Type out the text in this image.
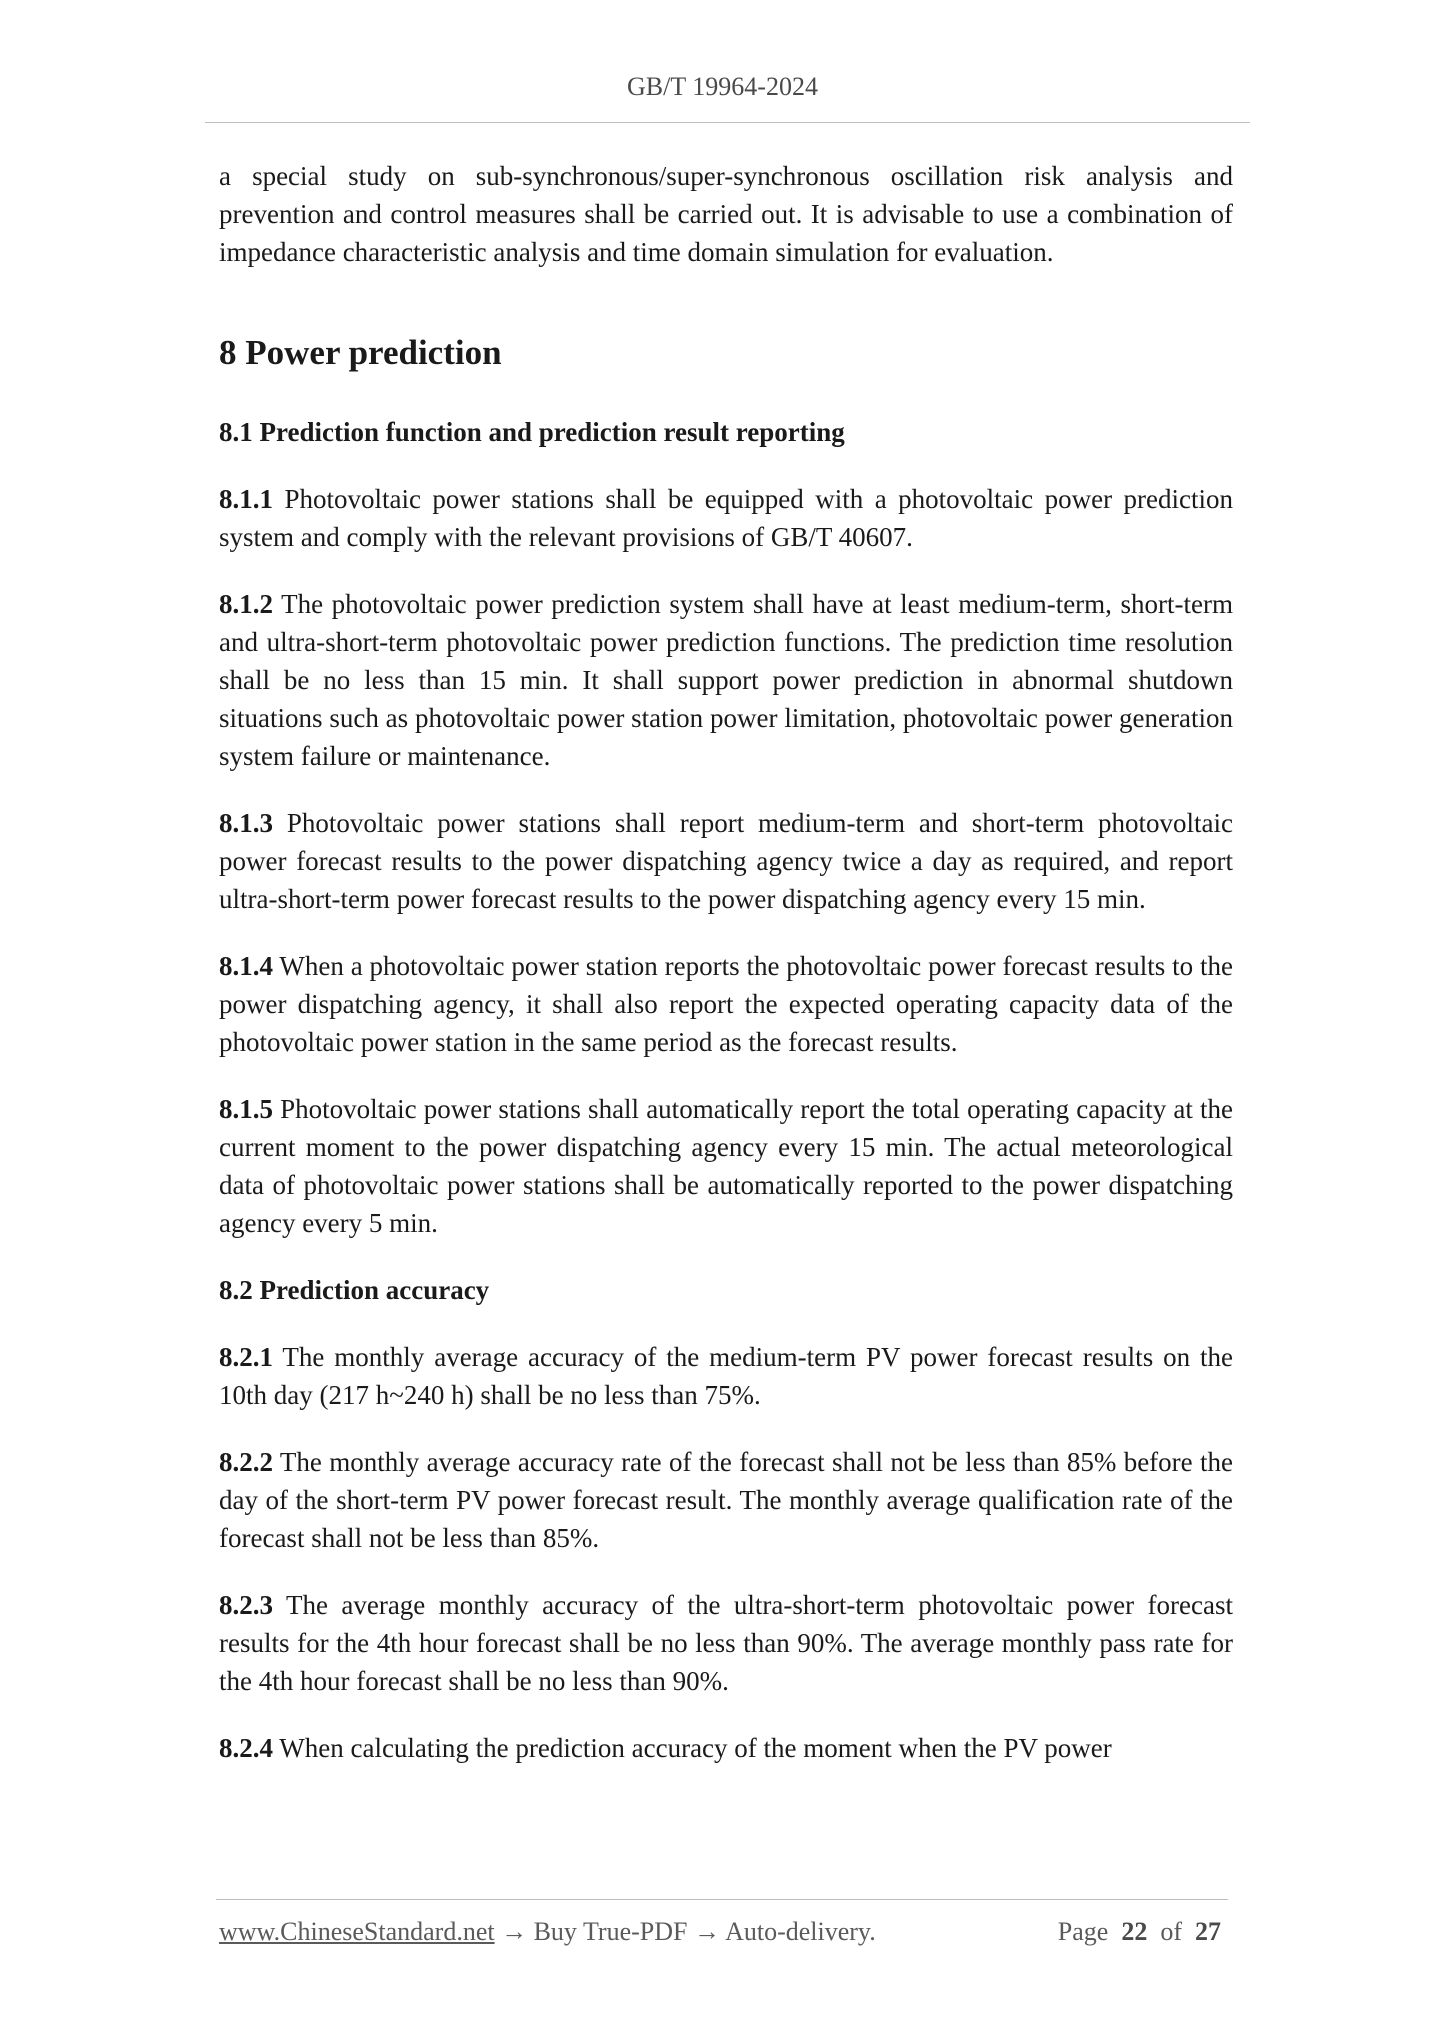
GB/T 19964-2024

a special study on sub-synchronous/super-synchronous oscillation risk analysis and prevention and control measures shall be carried out. It is advisable to use a combination of impedance characteristic analysis and time domain simulation for evaluation.

8 Power prediction
8.1 Prediction function and prediction result reporting

8.1.1 Photovoltaic power stations shall be equipped with a photovoltaic power prediction system and comply with the relevant provisions of GB/T 40607.

8.1.2 The photovoltaic power prediction system shall have at least medium-term, short-term and ultra-short-term photovoltaic power prediction functions. The prediction time resolution shall be no less than 15 min. It shall support power prediction in abnormal shutdown situations such as photovoltaic power station power limitation, photovoltaic power generation system failure or maintenance.

8.1.3 Photovoltaic power stations shall report medium-term and short-term photovoltaic power forecast results to the power dispatching agency twice a day as required, and report ultra-short-term power forecast results to the power dispatching agency every 15 min.

8.1.4 When a photovoltaic power station reports the photovoltaic power forecast results to the power dispatching agency, it shall also report the expected operating capacity data of the photovoltaic power station in the same period as the forecast results.

8.1.5 Photovoltaic power stations shall automatically report the total operating capacity at the current moment to the power dispatching agency every 15 min. The actual meteorological data of photovoltaic power stations shall be automatically reported to the power dispatching agency every 5 min.

8.2 Prediction accuracy

8.2.1 The monthly average accuracy of the medium-term PV power forecast results on the 10th day (217 h~240 h) shall be no less than 75%.

8.2.2 The monthly average accuracy rate of the forecast shall not be less than 85% before the day of the short-term PV power forecast result. The monthly average qualification rate of the forecast shall not be less than 85%.

8.2.3 The average monthly accuracy of the ultra-short-term photovoltaic power forecast results for the 4th hour forecast shall be no less than 90%. The average monthly pass rate for the 4th hour forecast shall be no less than 90%.

8.2.4 When calculating the prediction accuracy of the moment when the PV power

www.ChineseStandard.net → Buy True-PDF → Auto-delivery.	Page 22 of 27
